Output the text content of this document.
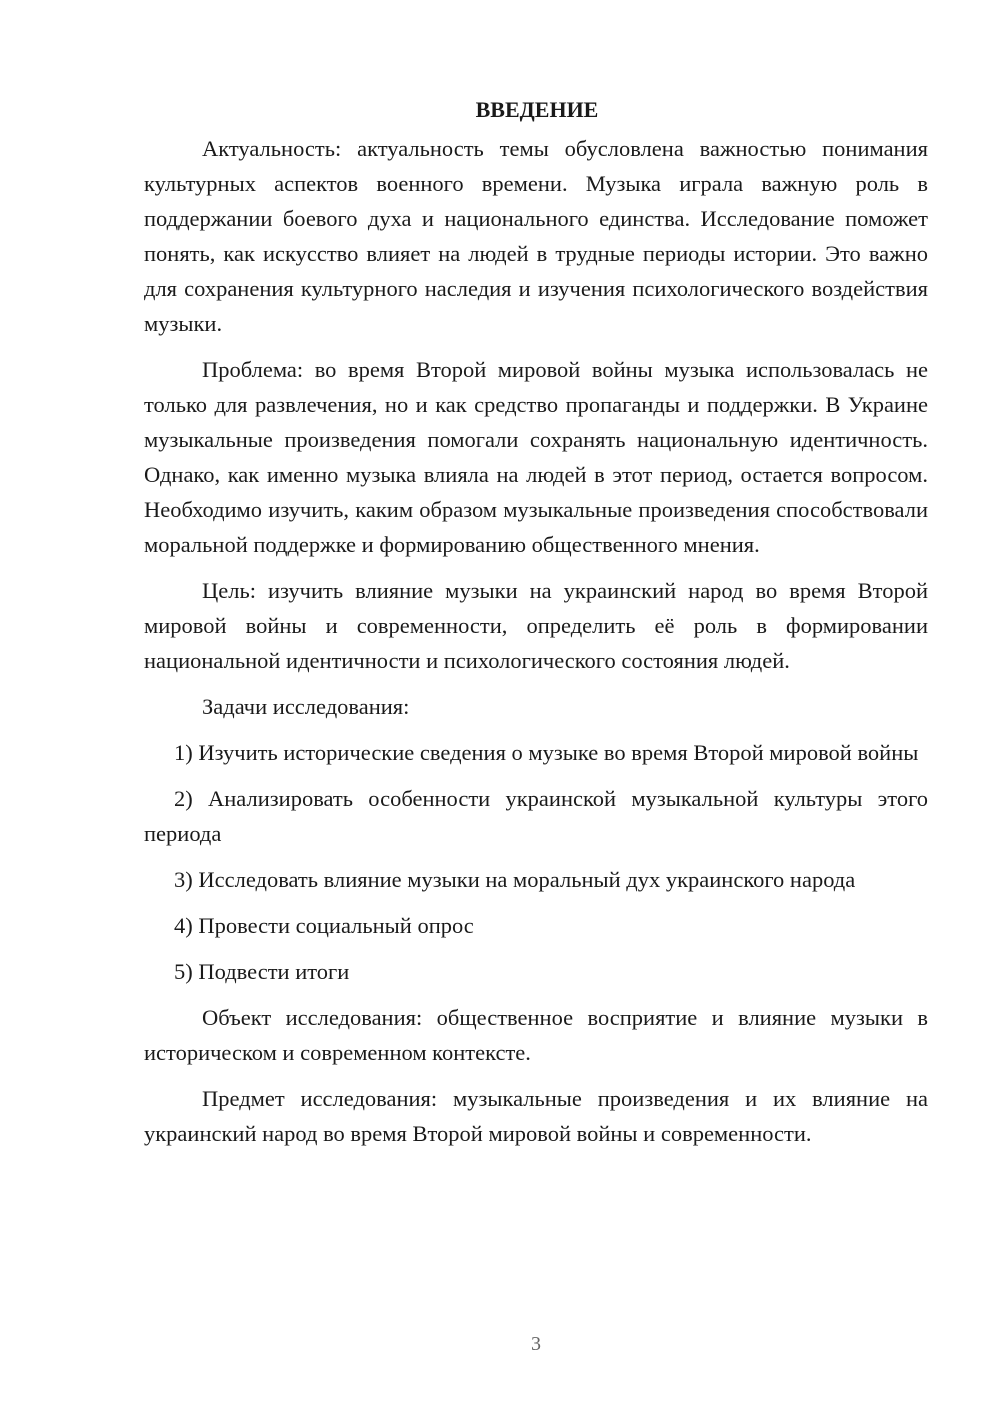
ВВЕДЕНИЕ

Актуальность: актуальность темы обусловлена важностью понимания культурных аспектов военного времени. Музыка играла важную роль в поддержании боевого духа и национального единства. Исследование поможет понять, как искусство влияет на людей в трудные периоды истории. Это важно для сохранения культурного наследия и изучения психологического воздействия музыки.

Проблема: во время Второй мировой войны музыка использовалась не только для развлечения, но и как средство пропаганды и поддержки. В Украине музыкальные произведения помогали сохранять национальную идентичность. Однако, как именно музыка влияла на людей в этот период, остается вопросом. Необходимо изучить, каким образом музыкальные произведения способствовали моральной поддержке и формированию общественного мнения.

Цель: изучить влияние музыки на украинский народ во время Второй мировой войны и современности, определить её роль в формировании национальной идентичности и психологического состояния людей.

Задачи исследования:

1) Изучить исторические сведения о музыке во время Второй мировой войны

2) Анализировать особенности украинской музыкальной культуры этого периода

3) Исследовать влияние музыки на моральный дух украинского народа

4) Провести социальный опрос

5) Подвести итоги

Объект исследования: общественное восприятие и влияние музыки в историческом и современном контексте.

Предмет исследования: музыкальные произведения и их влияние на украинский народ во время Второй мировой войны и современности.

3
